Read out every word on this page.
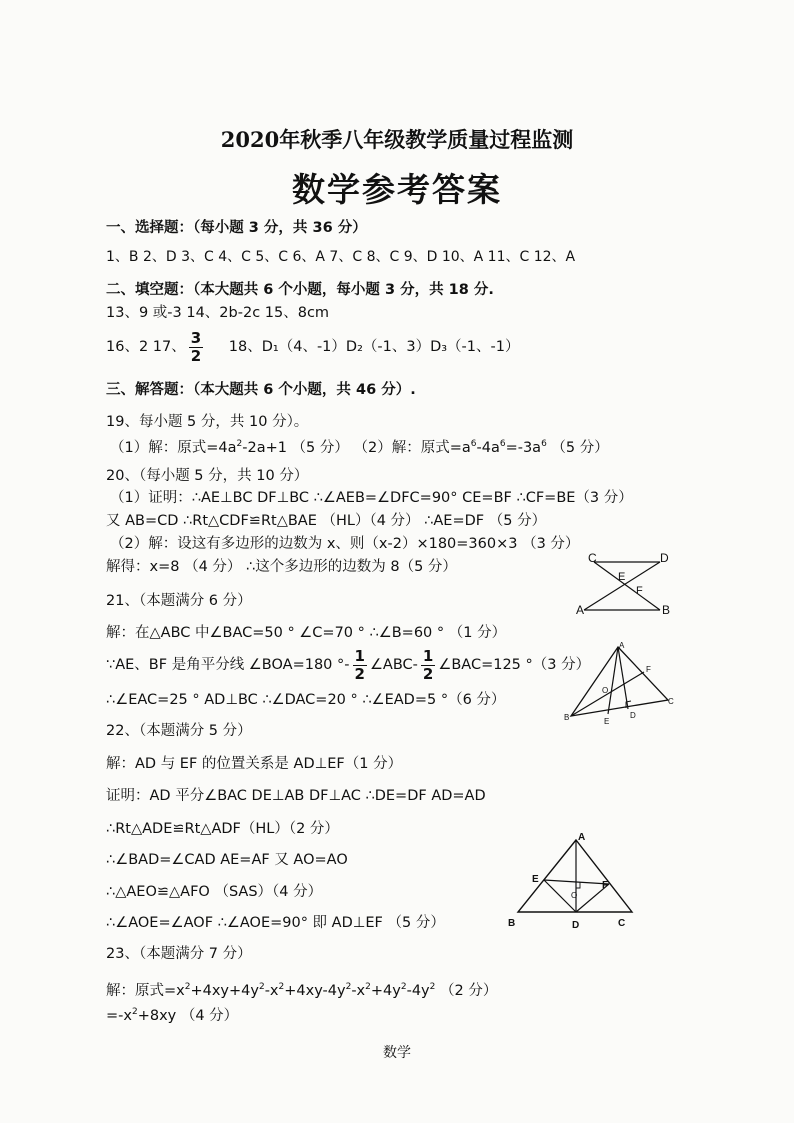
2020年秋季八年级教学质量过程监测
数学参考答案
一、选择题：（每小题 3 分，共 36 分）
1、B 2、D 3、C 4、C 5、C 6、A 7、C 8、C 9、D 10、A 11、C 12、A
二、填空题：（本大题共 6 个小题，每小题 3 分，共 18 分.
13、9 或-3 14、2b-2c 15、8cm
16、2 17、 $\frac{3}{2} 18$、D₁（4、-1）D₂（-1、3）D₃（-1、-1）
三、解答题：（本大题共 6 个小题，共 46 分）.
19、每小题 5 分，共 10 分）。
（1）解：原式$=4a^2-2a+1$ （5 分） （2）解：原式$=a^6-4a^6=-3a^6$ （5 分）
20、（每小题 5 分，共 10 分）
（1）证明：∴AE⊥BC DF⊥BC ∴∠AEB=∠DFC=90° CE=BF ∴CF=BE（3 分）
又 AB=CD ∴Rt△CDF≌Rt△BAE （HL）（4 分） ∴AE=DF （5 分）
（2）解：设这有多边形的边数为 x、则（x-2）×180=360×3 （3 分）
解得：x=8 （4 分） ∴这个多边形的边数为 8（5 分）
C	D
E
F
A	B
21、（本题满分 6 分）
解：在△ABC 中∠BAC=50 ° ∠C=70 ° ∴∠B=60 ° （1 分）
∵AE、BF 是角平分线 ∠BOA=180 °- $\frac{1}{2}$ ∠ABC- $\frac{1}{2}$ ∠BAC=125 °（3 分）
∴∠EAC=25 ° AD⊥BC ∴∠DAC=20 ° ∴∠EAD=5 °（6 分）
A
F
O
C
B	E
D
22、（本题满分 5 分）
解：AD 与 EF 的位置关系是 AD⊥EF（1 分）
证明：AD 平分∠BAC DE⊥AB DF⊥AC ∴DE=DF AD=AD
∴Rt△ADE≌Rt△ADF（HL）（2 分）
∴∠BAD=∠CAD AE=AF 又 AO=AO
∴△AEO≌△AFO （SAS）（4 分）
∴∠AOE=∠AOF ∴∠AOE=90° 即 AD⊥EF （5 分）
A
E
F
O
B	D	C
23、（本题满分 7 分）
解：原式$=x^2+4xy+4y^2-x^2+4xy-4y^2-x^2+4y^2-4y^2$ （2 分）
$=-x^2+8xy$ （4 分）
数学
